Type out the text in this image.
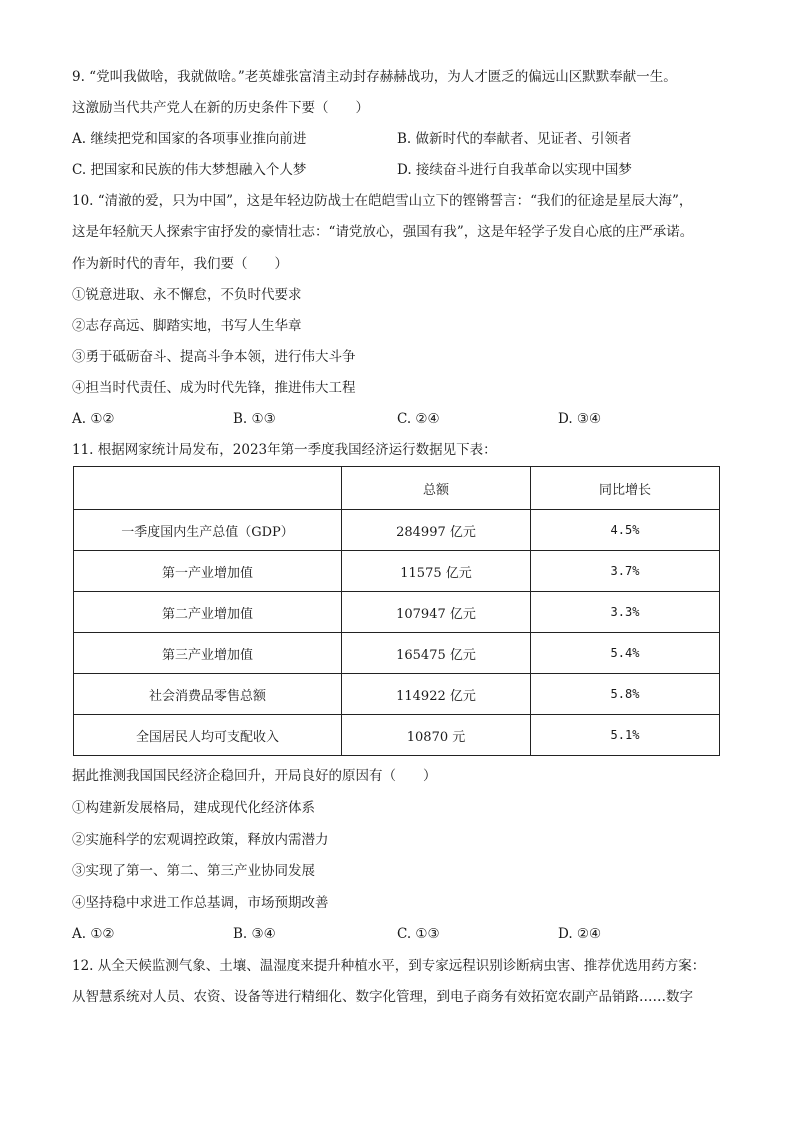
9. “党叫我做啥，我就做啥。”老英雄张富清主动封存赫赫战功，为人才匮乏的偏远山区默默奉献一生。
这激励当代共产党人在新的历史条件下要（　　）
A. 继续把党和国家的各项事业推向前进	B. 做新时代的奉献者、见证者、引领者
C. 把国家和民族的伟大梦想融入个人梦	D. 接续奋斗进行自我革命以实现中国梦
10. “清澈的爱，只为中国”，这是年轻边防战士在皑皑雪山立下的铿锵誓言：“我们的征途是星辰大海”，
这是年轻航天人探索宇宙抒发的豪情壮志：“请党放心，强国有我”，这是年轻学子发自心底的庄严承诺。
作为新时代的青年，我们要（　　）
①锐意进取、永不懈怠，不负时代要求
②志存高远、脚踏实地，书写人生华章
③勇于砥砺奋斗、提高斗争本领，进行伟大斗争
④担当时代责任、成为时代先锋，推进伟大工程
A. ①②	B. ①③	C. ②④	D. ③④
11. 根据网家统计局发布，2023年第一季度我国经济运行数据见下表：
	总额	同比增长
一季度国内生产总值（GDP）	284997 亿元	4.5%
第一产业增加值	11575 亿元	3.7%
第二产业增加值	107947 亿元	3.3%
第三产业增加值	165475 亿元	5.4%
社会消费品零售总额	114922 亿元	5.8%
全国居民人均可支配收入	10870 元	5.1%
据此推测我国国民经济企稳回升，开局良好的原因有（　　）
①构建新发展格局，建成现代化经济体系
②实施科学的宏观调控政策，释放内需潜力
③实现了第一、第二、第三产业协同发展
④坚持稳中求进工作总基调，市场预期改善
A. ①②	B. ③④	C. ①③	D. ②④
12. 从全天候监测气象、土壤、温湿度来提升种植水平，到专家远程识别诊断病虫害、推荐优选用药方案：
从智慧系统对人员、农资、设备等进行精细化、数字化管理，到电子商务有效拓宽农副产品销路……数字
